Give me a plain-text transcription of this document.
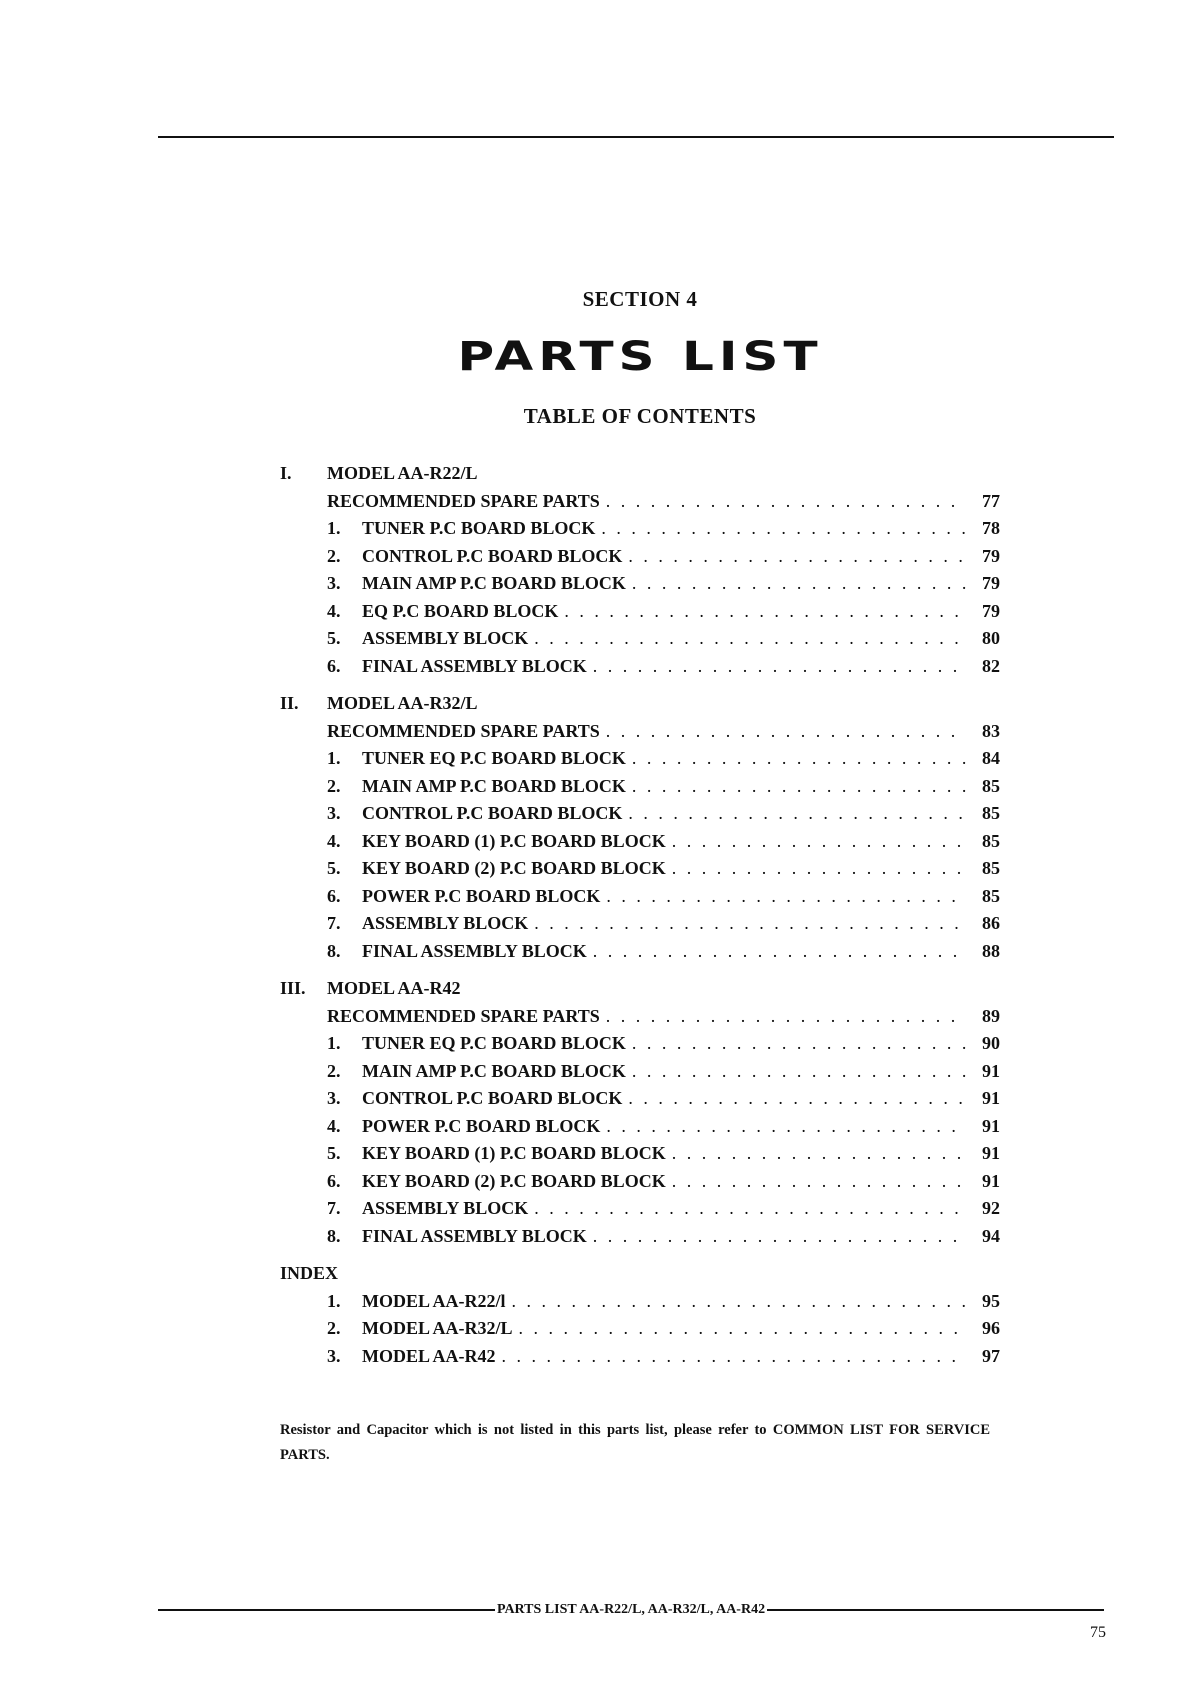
SECTION 4
PARTS LIST
TABLE OF CONTENTS
I.	MODEL AA-R22/L
RECOMMENDED SPARE PARTS . . .	77
1.	TUNER P.C BOARD BLOCK . . .	78
2.	CONTROL P.C BOARD BLOCK . . .	79
3.	MAIN AMP P.C BOARD BLOCK . . .	79
4.	EQ P.C BOARD BLOCK . . .	79
5.	ASSEMBLY BLOCK . . .	80
6.	FINAL ASSEMBLY BLOCK . . .	82
II.	MODEL AA-R32/L
RECOMMENDED SPARE PARTS . . .	83
1.	TUNER EQ P.C BOARD BLOCK . . .	84
2.	MAIN AMP P.C BOARD BLOCK . . .	85
3.	CONTROL P.C BOARD BLOCK . . .	85
4.	KEY BOARD (1) P.C BOARD BLOCK . . .	85
5.	KEY BOARD (2) P.C BOARD BLOCK . . .	85
6.	POWER P.C BOARD BLOCK . . .	85
7.	ASSEMBLY BLOCK . . .	86
8.	FINAL ASSEMBLY BLOCK . . .	88
III.	MODEL AA-R42
RECOMMENDED SPARE PARTS . . .	89
1.	TUNER EQ P.C BOARD BLOCK . . .	90
2.	MAIN AMP P.C BOARD BLOCK . . .	91
3.	CONTROL P.C BOARD BLOCK . . .	91
4.	POWER P.C BOARD BLOCK . . .	91
5.	KEY BOARD (1) P.C BOARD BLOCK . . .	91
6.	KEY BOARD (2) P.C BOARD BLOCK . . .	91
7.	ASSEMBLY BLOCK . . .	92
8.	FINAL ASSEMBLY BLOCK . . .	94
INDEX
1.	MODEL AA-R22/l . . .	95
2.	MODEL AA-R32/L . . .	96
3.	MODEL AA-R42 . . .	97
Resistor and Capacitor which is not listed in this parts list, please refer to COMMON LIST FOR SERVICE PARTS.
PARTS LIST AA-R22/L, AA-R32/L, AA-R42
75
